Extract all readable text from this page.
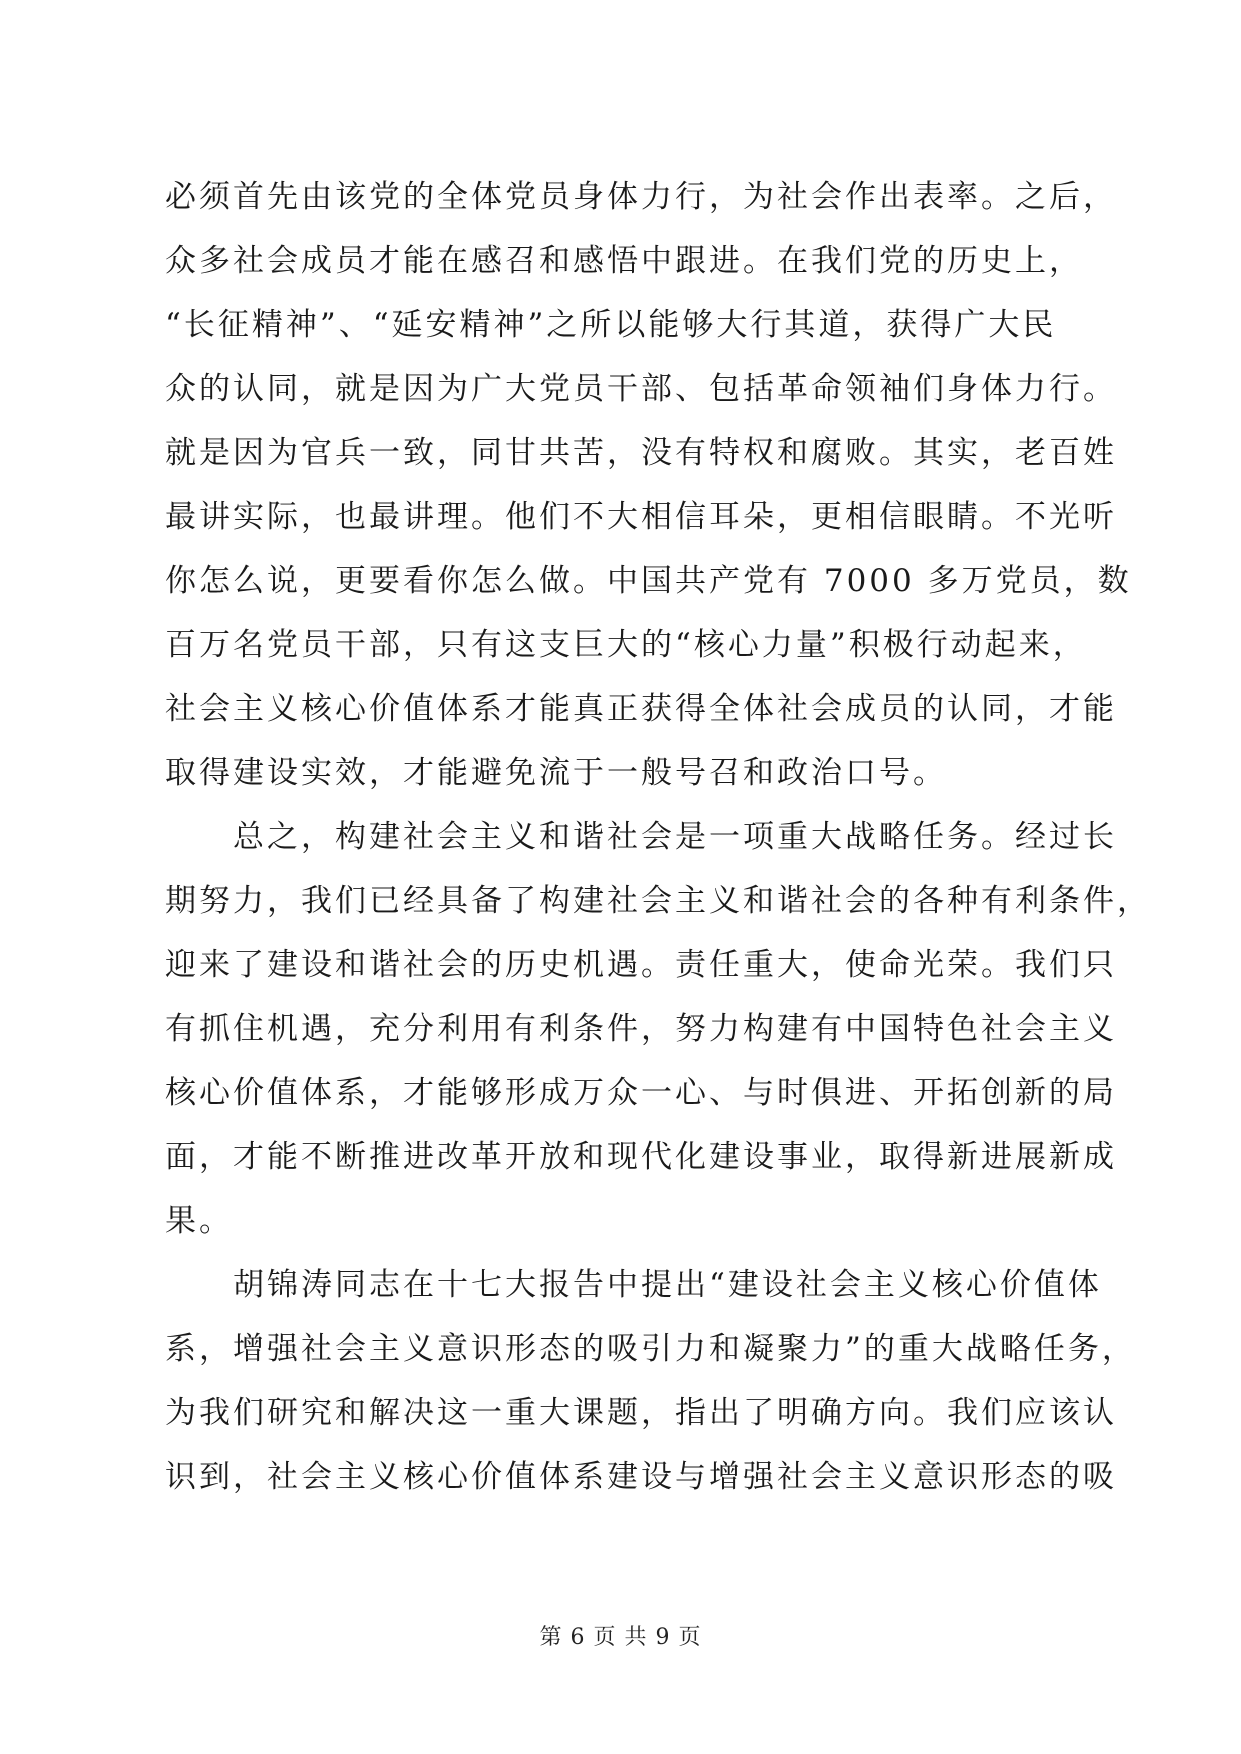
必须首先由该党的全体党员身体力行，为社会作出表率。之后，
众多社会成员才能在感召和感悟中跟进。在我们党的历史上，
“长征精神”、“延安精神”之所以能够大行其道，获得广大民
众的认同，就是因为广大党员干部、包括革命领袖们身体力行。
就是因为官兵一致，同甘共苦，没有特权和腐败。其实，老百姓
最讲实际，也最讲理。他们不大相信耳朵，更相信眼睛。不光听
你怎么说，更要看你怎么做。中国共产党有 7000 多万党员，数
百万名党员干部，只有这支巨大的“核心力量”积极行动起来，
社会主义核心价值体系才能真正获得全体社会成员的认同，才能
取得建设实效，才能避免流于一般号召和政治口号。
　　总之，构建社会主义和谐社会是一项重大战略任务。经过长
期努力，我们已经具备了构建社会主义和谐社会的各种有利条件，
迎来了建设和谐社会的历史机遇。责任重大，使命光荣。我们只
有抓住机遇，充分利用有利条件，努力构建有中国特色社会主义
核心价值体系，才能够形成万众一心、与时俱进、开拓创新的局
面，才能不断推进改革开放和现代化建设事业，取得新进展新成
果。
　　胡锦涛同志在十七大报告中提出“建设社会主义核心价值体
系，增强社会主义意识形态的吸引力和凝聚力”的重大战略任务，
为我们研究和解决这一重大课题，指出了明确方向。我们应该认
识到，社会主义核心价值体系建设与增强社会主义意识形态的吸
第 6 页 共 9 页
